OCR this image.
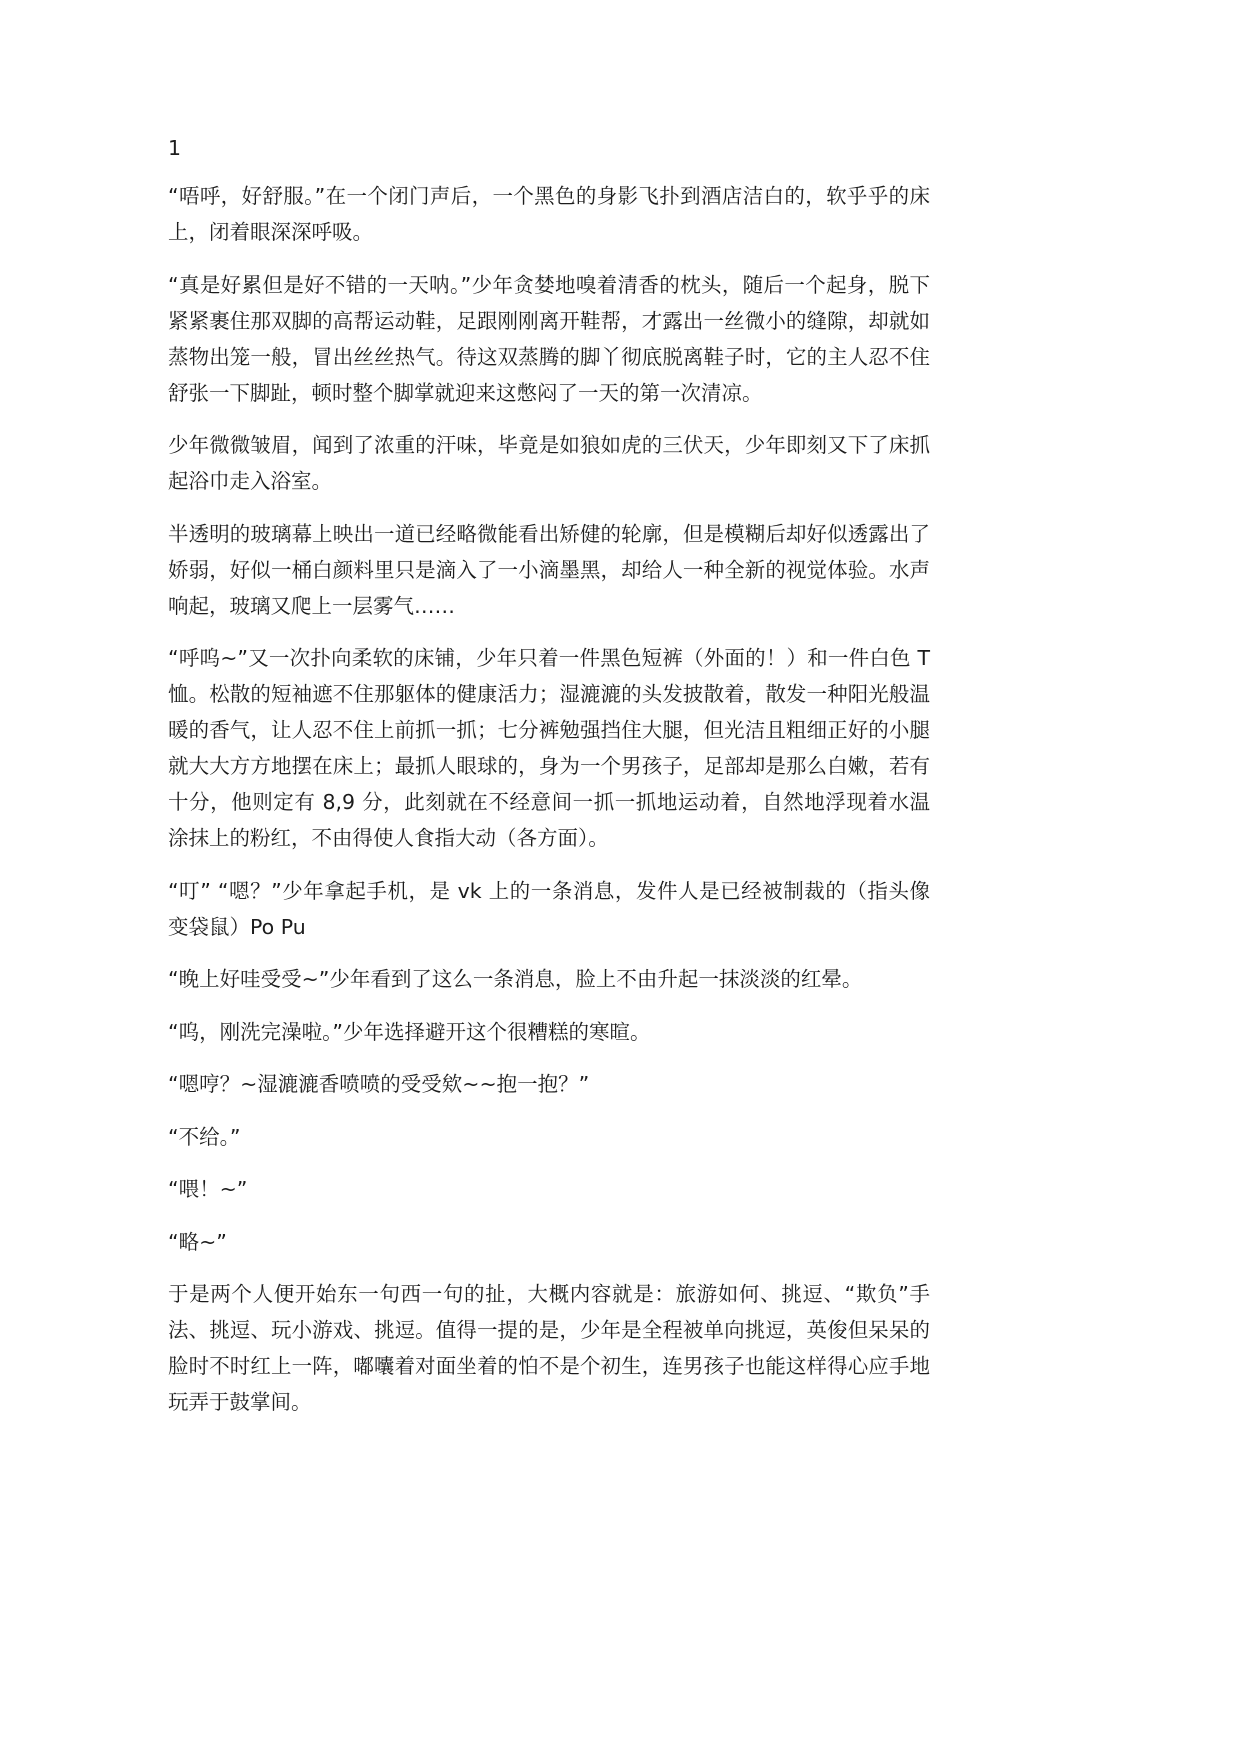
1

“唔呼，好舒服。”在一个闭门声后，一个黑色的身影飞扑到酒店洁白的，软乎乎的床上，闭着眼深深呼吸。

“真是好累但是好不错的一天呐。”少年贪婪地嗅着清香的枕头，随后一个起身，脱下紧紧裹住那双脚的高帮运动鞋，足跟刚刚离开鞋帮，才露出一丝微小的缝隙，却就如蒸物出笼一般，冒出丝丝热气。待这双蒸腾的脚丫彻底脱离鞋子时，它的主人忍不住舒张一下脚趾，顿时整个脚掌就迎来这憋闷了一天的第一次清凉。

少年微微皱眉，闻到了浓重的汗味，毕竟是如狼如虎的三伏天，少年即刻又下了床抓起浴巾走入浴室。

半透明的玻璃幕上映出一道已经略微能看出矫健的轮廓，但是模糊后却好似透露出了娇弱，好似一桶白颜料里只是滴入了一小滴墨黑，却给人一种全新的视觉体验。水声响起，玻璃又爬上一层雾气……

“呼呜~”又一次扑向柔软的床铺，少年只着一件黑色短裤（外面的！）和一件白色 T恤。松散的短袖遮不住那躯体的健康活力；湿漉漉的头发披散着，散发一种阳光般温暖的香气，让人忍不住上前抓一抓；七分裤勉强挡住大腿，但光洁且粗细正好的小腿就大大方方地摆在床上；最抓人眼球的，身为一个男孩子，足部却是那么白嫩，若有十分，他则定有 8,9 分，此刻就在不经意间一抓一抓地运动着，自然地浮现着水温涂抹上的粉红，不由得使人食指大动（各方面）。

“叮” “嗯？”少年拿起手机，是 vk 上的一条消息，发件人是已经被制裁的（指头像变袋鼠）Po Pu

“晚上好哇受受~”少年看到了这么一条消息，脸上不由升起一抹淡淡的红晕。

“呜，刚洗完澡啦。”少年选择避开这个很糟糕的寒暄。

“嗯哼？~湿漉漉香喷喷的受受欸~~抱一抱？”

“不给。”

“喂！~”

“略~”

于是两个人便开始东一句西一句的扯，大概内容就是：旅游如何、挑逗、“欺负”手法、挑逗、玩小游戏、挑逗。值得一提的是，少年是全程被单向挑逗，英俊但呆呆的脸时不时红上一阵，嘟囔着对面坐着的怕不是个初生，连男孩子也能这样得心应手地玩弄于鼓掌间。
